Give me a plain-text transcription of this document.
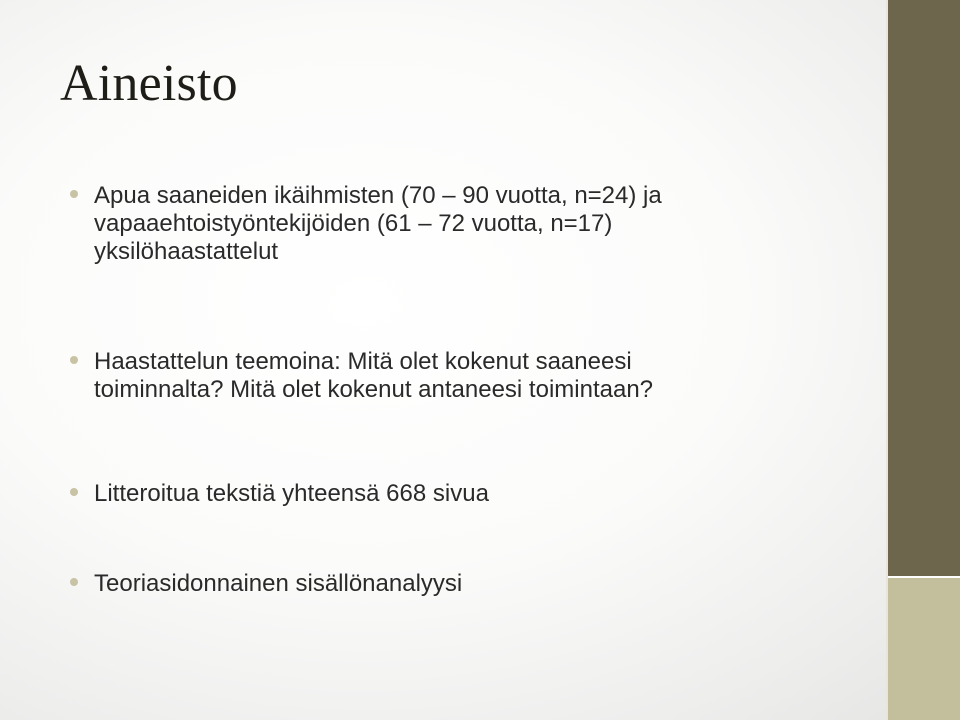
Aineisto
Apua saaneiden ikäihmisten (70 – 90 vuotta, n=24) ja
vapaaehtoistyöntekijöiden (61 – 72 vuotta, n=17)
yksilöhaastattelut
Haastattelun teemoina: Mitä olet kokenut saaneesi
toiminnalta? Mitä olet kokenut antaneesi toimintaan?
Litteroitua tekstiä yhteensä 668 sivua
Teoriasidonnainen sisällönanalyysi
